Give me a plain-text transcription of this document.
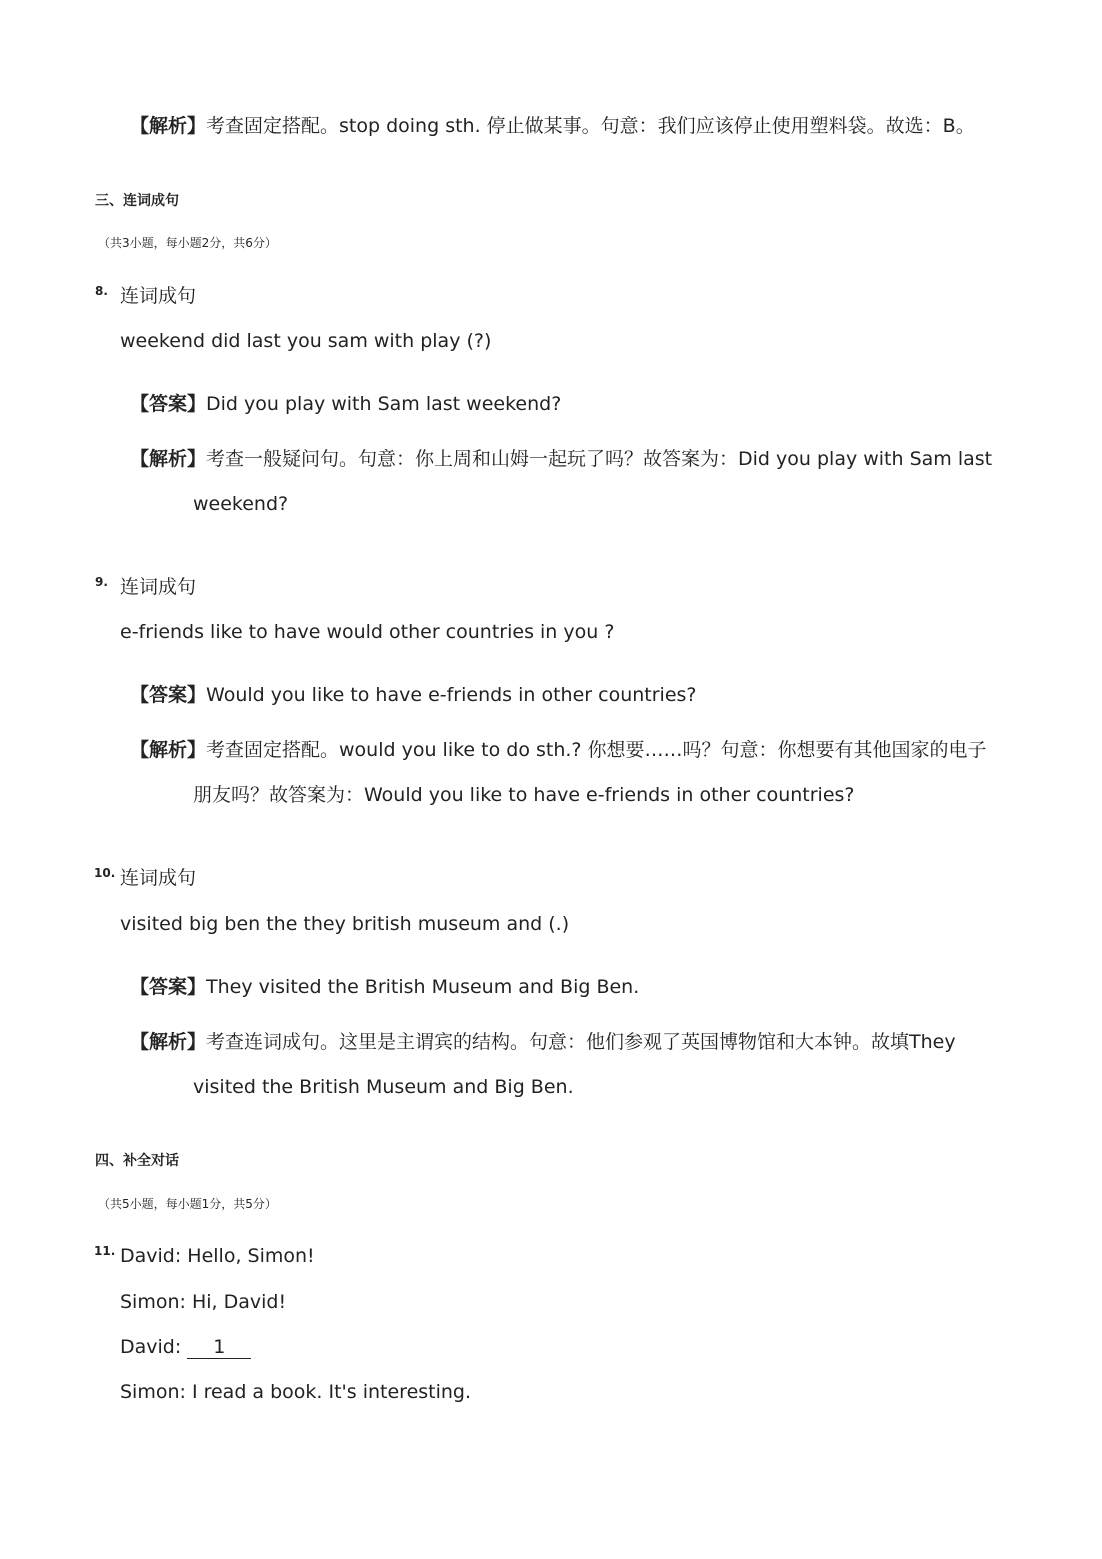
【解析】考查固定搭配。stop doing sth. 停止做某事。句意：我们应该停止使用塑料袋。故选：B。
三、连词成句
（共3小题，每小题2分，共6分）
8. 连词成句
weekend did last you sam with play (?)
【答案】Did you play with Sam last weekend?
【解析】考查一般疑问句。句意：你上周和山姆一起玩了吗？故答案为：Did you play with Sam last
weekend?
9. 连词成句
e-friends like to have would other countries in you ?
【答案】Would you like to have e-friends in other countries?
【解析】考查固定搭配。would you like to do sth.? 你想要……吗？句意：你想要有其他国家的电子
朋友吗？故答案为：Would you like to have e-friends in other countries?
10. 连词成句
visited big ben the they british museum and (.)
【答案】They visited the British Museum and Big Ben.
【解析】考查连词成句。这里是主谓宾的结构。句意：他们参观了英国博物馆和大本钟。故填They
visited the British Museum and Big Ben.
四、补全对话
（共5小题，每小题1分，共5分）
11. David: Hello, Simon!
Simon: Hi, David!
David: 1
Simon: I read a book. It's interesting.
